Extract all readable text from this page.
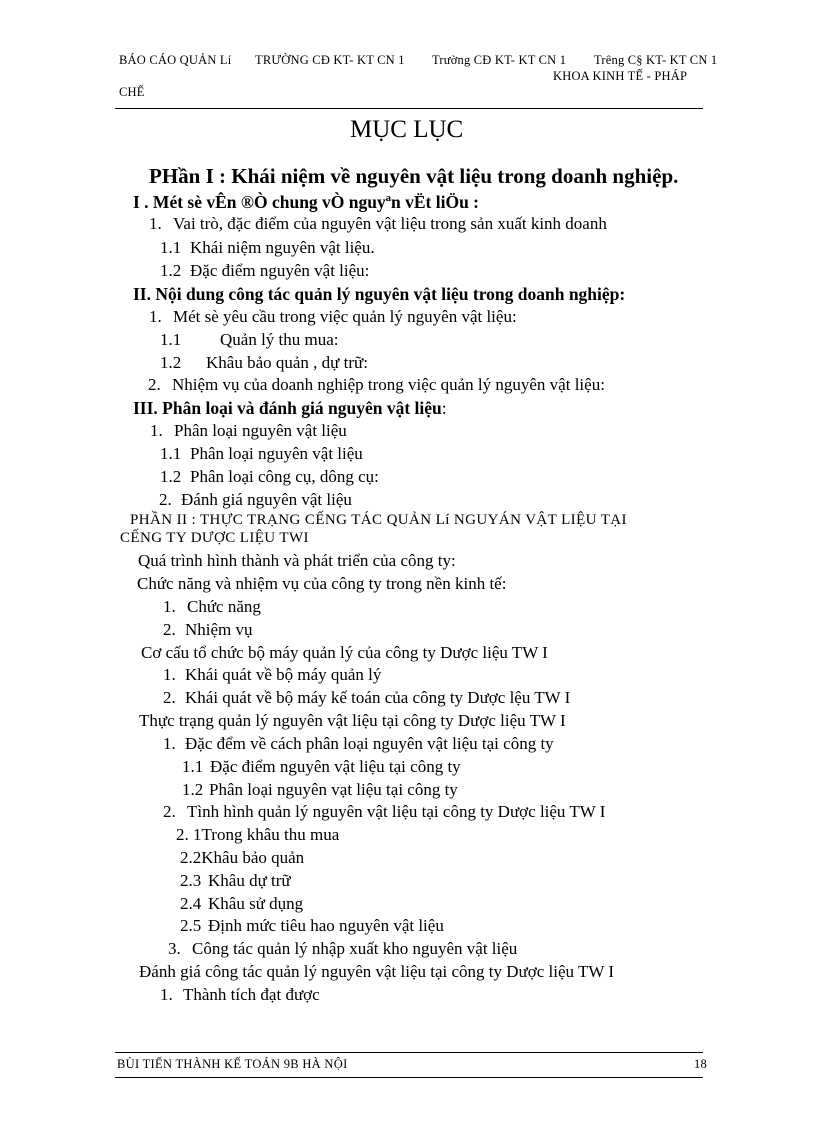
BÁO CÁO QUẢN Lí TRƯỜNG CĐ KT- KT CN 1 Trường CĐ KT- KT CN 1 Trêng C§ KT- KT CN 1
KHOA KINH TẾ - PHÁP
CHẾ
MỤC LỤC
PHần I : Khái niệm về nguyên vật liệu trong doanh nghiệp.
I . Mét sè vÊn ®Ò chung vÒ nguyªn vËt liÖu :
1. Vai trò, đặc điểm của nguyên vật liệu trong sản xuất kinh doanh
1.1 Khái niệm nguyên vật liệu.
1.2 Đặc điểm nguyên vật liệu:
II. Nội dung công tác quản lý nguyên vật liệu trong doanh nghiệp:
1. Mét sè yêu cầu trong việc quản lý nguyên vật liệu:
1.1 Quản lý thu mua:
1.2 Khâu bảo quản , dự trữ:
2. Nhiệm vụ của doanh nghiệp trong việc quản lý nguyên vật liệu:
III. Phân loại và đánh giá nguyên vật liệu:
1. Phân loại nguyên vật liệu
1.1 Phân loại nguyên vật liệu
1.2 Phân loại công cụ, dông cụ:
2. Đánh giá nguyên vật liệu
PHẦN II : THỰC TRẠNG CẾNG TÁC QUẢN Lí NGUYÁN VẬT LIỆU TẠI
CẾNG TY DƯỢC LIỆU TWI
Quá trình hình thành và phát triển của công ty:
Chức năng và nhiệm vụ của công ty trong nền kinh tế:
1. Chức năng
2. Nhiệm vụ
Cơ cấu tổ chức bộ máy quản lý của công ty Dược liệu TW I
1. Khái quát về bộ máy quản lý
2. Khái quát về bộ máy kế toán của công ty Dược lệu TW I
Thực trạng quản lý nguyên vật liệu tại công ty Dược liệu TW I
1. Đặc đểm về cách phân loại nguyên vật liệu tại công ty
1.1 Đặc điểm nguyên vật liệu tại công ty
1.2 Phân loại nguyên vạt liệu tại công ty
2. Tình hình quản lý nguyên vật liệu tại công ty Dược liệu TW I
2. 1Trong khâu thu mua
2.2Khâu bảo quản
2.3 Khâu dự trữ
2.4 Khâu sử dụng
2.5 Định mức tiêu hao nguyên vật liệu
3. Công tác quản lý nhập xuất kho nguyên vật liệu
Đánh giá công tác quản lý nguyên vật liệu tại công ty Dược liệu TW I
1. Thành tích đạt được
BÙI TIẾN THÀNH KẾ TOÁN 9B HÀ NỘI	18
